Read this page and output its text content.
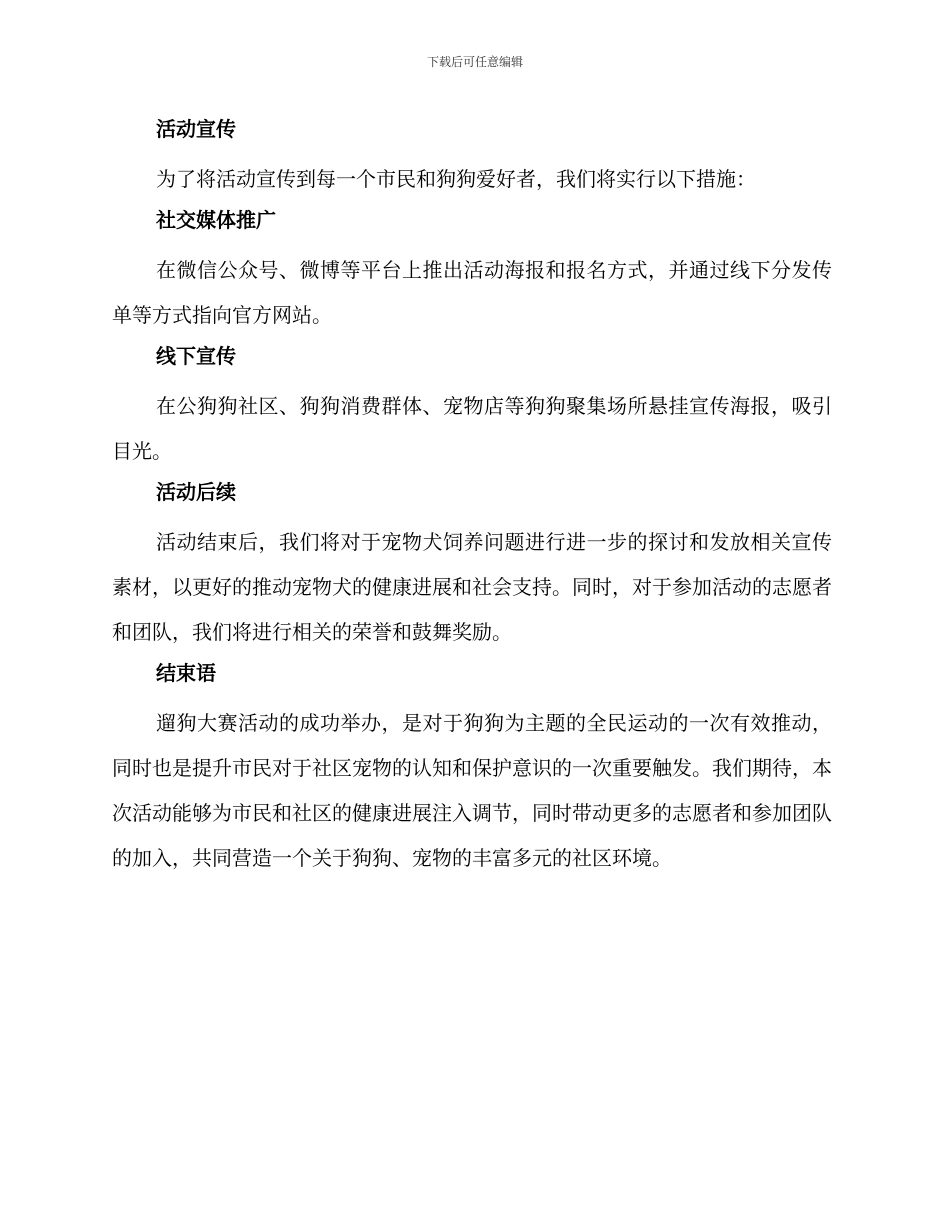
下载后可任意编辑
活动宣传
为了将活动宣传到每一个市民和狗狗爱好者，我们将实行以下措施：
社交媒体推广
在微信公众号、微博等平台上推出活动海报和报名方式，并通过线下分发传单等方式指向官方网站。
线下宣传
在公狗狗社区、狗狗消费群体、宠物店等狗狗聚集场所悬挂宣传海报，吸引目光。
活动后续
活动结束后，我们将对于宠物犬饲养问题进行进一步的探讨和发放相关宣传素材，以更好的推动宠物犬的健康进展和社会支持。同时，对于参加活动的志愿者和团队，我们将进行相关的荣誉和鼓舞奖励。
结束语
遛狗大赛活动的成功举办，是对于狗狗为主题的全民运动的一次有效推动，同时也是提升市民对于社区宠物的认知和保护意识的一次重要触发。我们期待，本次活动能够为市民和社区的健康进展注入调节，同时带动更多的志愿者和参加团队的加入，共同营造一个关于狗狗、宠物的丰富多元的社区环境。
